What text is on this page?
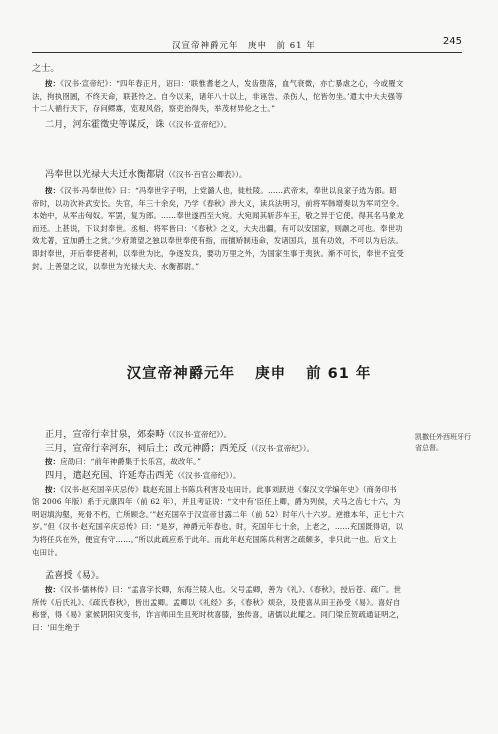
汉宣帝神爵元年　庚申　前 61 年	245

之士。

按：《汉书·宣帝纪》：“四年春正月，诏曰：‘联惟耆老之人，发齿堕落，血气衰微，亦亡暴虐之心，今或罹文法，拘执囹圄，不终天命，联甚怜之。自今以来，诸年八十以上，非诬告、杀伤人，佗皆勿坐。’遣太中大夫强等十二人循行天下，存问鳏寡，览观风俗，察吏治得失，举茂材异伦之士。”

二月，河东霍徵史等谋反，诛（《汉书·宣帝纪》）。

冯奉世以光禄大夫迁水衡都尉（《汉书·百官公卿表》）。

按：《汉书·冯奉世传》曰：“冯奉世字子明，上党潞人也，徙杜陵。……武帝末，奉世以良家子选为郎。昭帝时，以功次补武安长。失官，年三十余矣，乃学《春秋》涉大义，读兵法明习，前将军韩增奏以为军司空令。本始中，从军击匈奴。军罢，复为郎。……奉世遂西至大宛。大宛闻其斩莎车王，敬之异于它使。得其名马象龙而还。上甚说，下议封奉世。丞相、将军皆曰：‘《春秋》之义，大夫出疆，有可以安国家，则颛之可也。奉世功效尤著，宜加爵土之赏。’少府萧望之独以奉世奉使有指，而擅矫制违命，发诸国兵，虽有功效，不可以为后法。即封奉世，开后奉使者利，以奉世为比，争逐发兵，要功万里之外，为国家生事于夷狄。渐不可长，奉世不宜受封。上善望之议，以奉世为光禄大夫、水衡都尉。”

汉宣帝神爵元年 庚申 前 61 年

正月，宣帝行幸甘泉，郊泰畤（《汉书·宣帝纪》）。

三月，宣帝行幸河东，祠后土；改元神爵；西羌反（《汉书·宣帝纪》）。

按：应劭曰：“前年神爵集于长乐宫，故改年。”

四月，遣赵充国、许延寿击西羌（《汉书·宣帝纪》）。

按：《汉书·赵充国辛庆忌传》载赵充国上书陈兵利害及屯田计。此事刘跃进《秦汉文学编年史》（商务印书馆 2006 年版）系于元康四年（前 62 年），并且考证说：“文中有‘臣任上卿，爵为列侯，犬马之齿七十六，为明诏填沟壑，死骨不朽，亡所顾念。’”赵充国卒于汉宣帝甘露二年（前 52）时年八十六岁。逆推本年，正七十六岁。”但《汉书·赵充国辛庆忌传》曰：“是岁，神爵元年春也。时，充国年七十余，上老之，……充国既得诏，以为将任兵在外，便宜有守……。”所以此疏应系于此年。而此年赵充国陈兵利害之疏颇多，非只此一也。后文上屯田计。

孟喜授《易》。

按：《汉书·儒林传》曰：“孟喜字长卿，东海兰陵人也。父号孟卿，善为《礼》、《春秋》，授后苍、疏广。世所传《后氏礼》、《疏氏春秋》，皆出孟卿。孟卿以《礼经》多，《春秋》烦杂，及使喜从田王孙受《易》。喜好自称誉，得《易》家候阴阳灾变书，诈言师田生且死时枕喜膝，独传喜，诸儒以此耀之。同门梁丘贺疏通证明之，曰：‘田生绝于

凯撒任外西班牙行省总督。
